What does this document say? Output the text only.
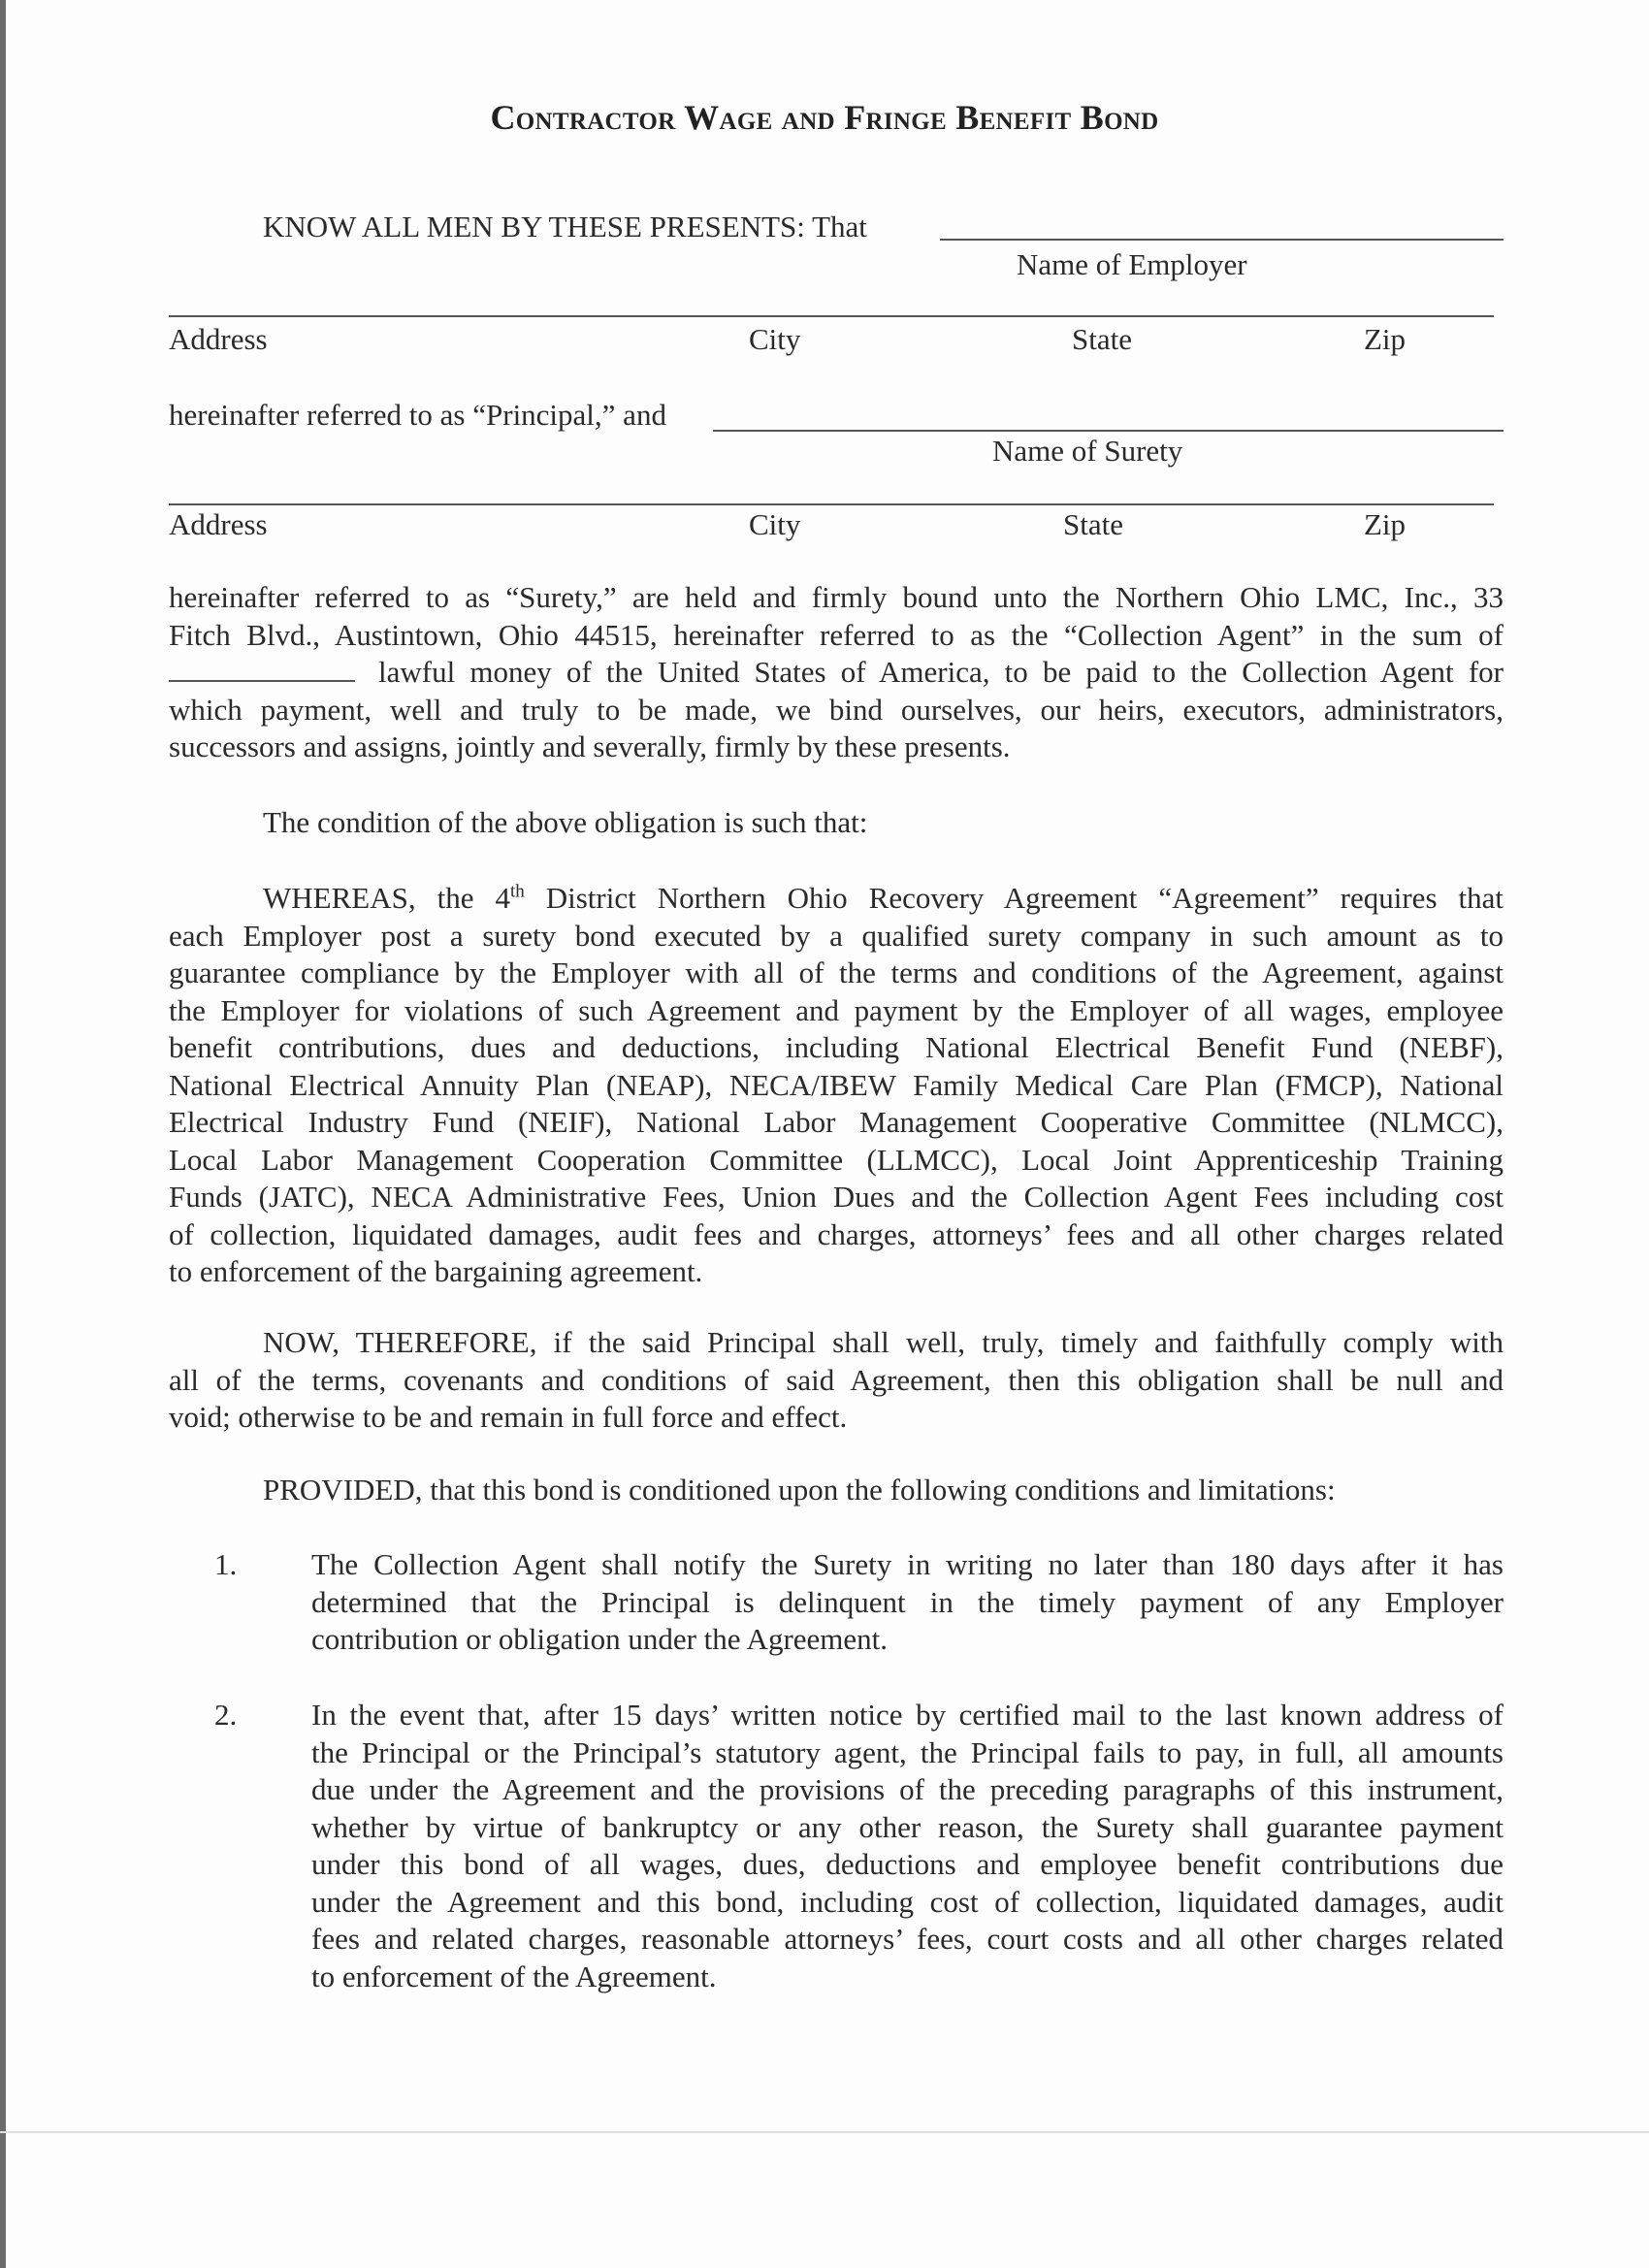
Contractor Wage and Fringe Benefit Bond
KNOW ALL MEN BY THESE PRESENTS: That
Name of Employer
Address	City	State	Zip
hereinafter referred to as “Principal,” and
Name of Surety
Address	City	State	Zip
hereinafter referred to as “Surety,” are held and firmly bound unto the Northern Ohio LMC, Inc., 33
Fitch Blvd., Austintown, Ohio 44515, hereinafter referred to as the “Collection Agent” in the sum of
lawful money of the United States of America, to be paid to the Collection Agent for
which payment, well and truly to be made, we bind ourselves, our heirs, executors, administrators,
successors and assigns, jointly and severally, firmly by these presents.
The condition of the above obligation is such that:
WHEREAS, the 4th District Northern Ohio Recovery Agreement “Agreement” requires that
each Employer post a surety bond executed by a qualified surety company in such amount as to
guarantee compliance by the Employer with all of the terms and conditions of the Agreement, against
the Employer for violations of such Agreement and payment by the Employer of all wages, employee
benefit contributions, dues and deductions, including National Electrical Benefit Fund (NEBF),
National Electrical Annuity Plan (NEAP), NECA/IBEW Family Medical Care Plan (FMCP), National
Electrical Industry Fund (NEIF), National Labor Management Cooperative Committee (NLMCC),
Local Labor Management Cooperation Committee (LLMCC), Local Joint Apprenticeship Training
Funds (JATC), NECA Administrative Fees, Union Dues and the Collection Agent Fees including cost
of collection, liquidated damages, audit fees and charges, attorneys’ fees and all other charges related
to enforcement of the bargaining agreement.
NOW, THEREFORE, if the said Principal shall well, truly, timely and faithfully comply with
all of the terms, covenants and conditions of said Agreement, then this obligation shall be null and
void; otherwise to be and remain in full force and effect.
PROVIDED, that this bond is conditioned upon the following conditions and limitations:
1. The Collection Agent shall notify the Surety in writing no later than 180 days after it has
determined that the Principal is delinquent in the timely payment of any Employer
contribution or obligation under the Agreement.
2. In the event that, after 15 days’ written notice by certified mail to the last known address of
the Principal or the Principal’s statutory agent, the Principal fails to pay, in full, all amounts
due under the Agreement and the provisions of the preceding paragraphs of this instrument,
whether by virtue of bankruptcy or any other reason, the Surety shall guarantee payment
under this bond of all wages, dues, deductions and employee benefit contributions due
under the Agreement and this bond, including cost of collection, liquidated damages, audit
fees and related charges, reasonable attorneys’ fees, court costs and all other charges related
to enforcement of the Agreement.
